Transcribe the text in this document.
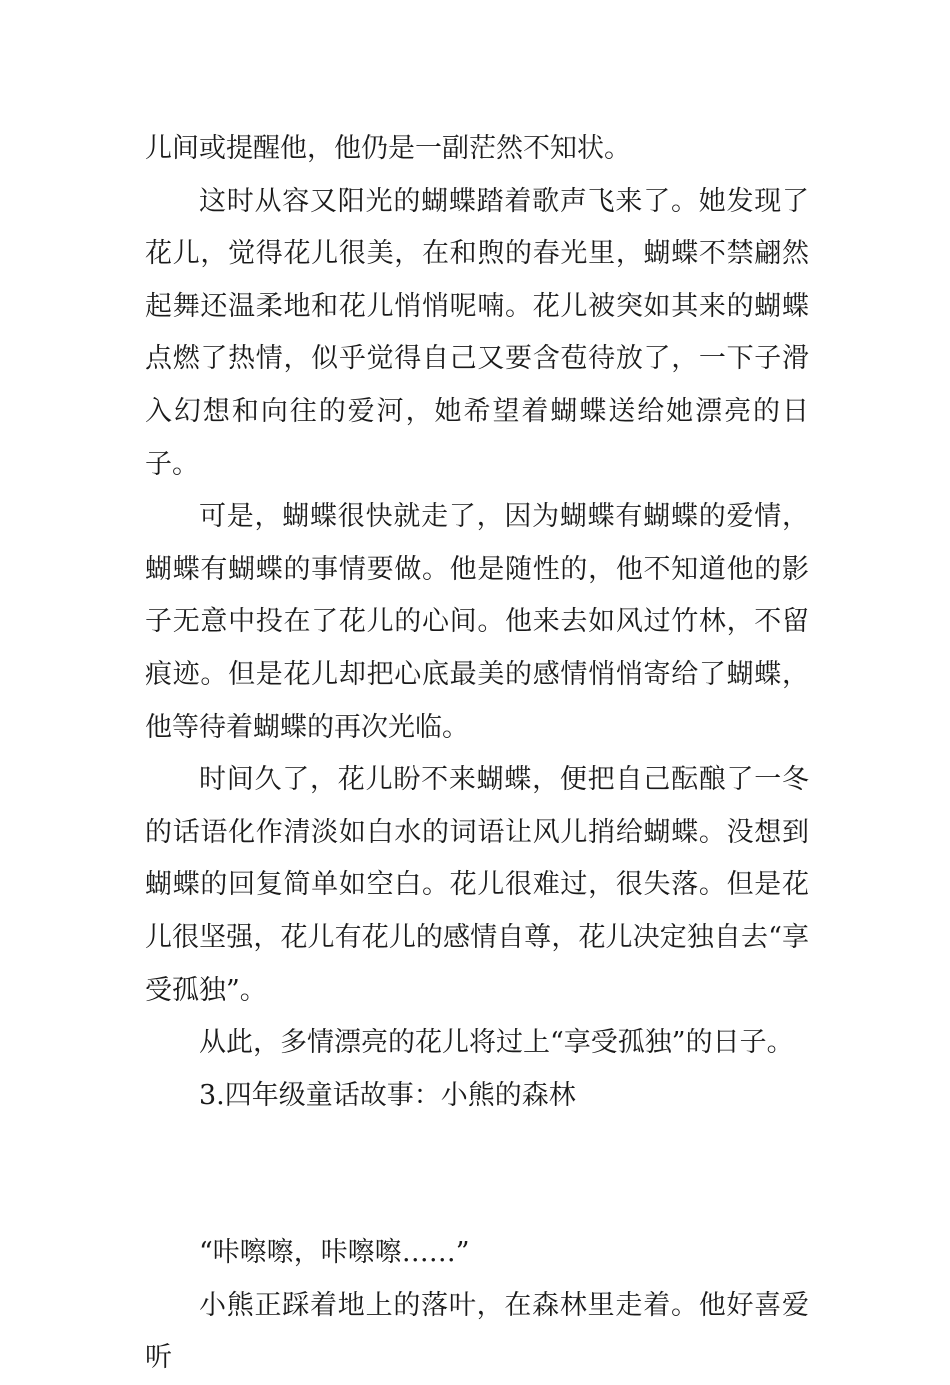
儿间或提醒他，他仍是一副茫然不知状。

这时从容又阳光的蝴蝶踏着歌声飞来了。她发现了花儿，觉得花儿很美，在和煦的春光里，蝴蝶不禁翩然起舞还温柔地和花儿悄悄呢喃。花儿被突如其来的蝴蝶点燃了热情，似乎觉得自己又要含苞待放了，一下子滑入幻想和向往的爱河，她希望着蝴蝶送给她漂亮的日子。

可是，蝴蝶很快就走了，因为蝴蝶有蝴蝶的爱情，蝴蝶有蝴蝶的事情要做。他是随性的，他不知道他的影子无意中投在了花儿的心间。他来去如风过竹林，不留痕迹。但是花儿却把心底最美的感情悄悄寄给了蝴蝶，他等待着蝴蝶的再次光临。

时间久了，花儿盼不来蝴蝶，便把自己酝酿了一冬的话语化作清淡如白水的词语让风儿捎给蝴蝶。没想到蝴蝶的回复简单如空白。花儿很难过，很失落。但是花儿很坚强，花儿有花儿的感情自尊，花儿决定独自去“享受孤独”。

从此，多情漂亮的花儿将过上“享受孤独”的日子。

3.四年级童话故事：小熊的森林

“咔嚓嚓，咔嚓嚓……”

小熊正踩着地上的落叶，在森林里走着。他好喜爱听
